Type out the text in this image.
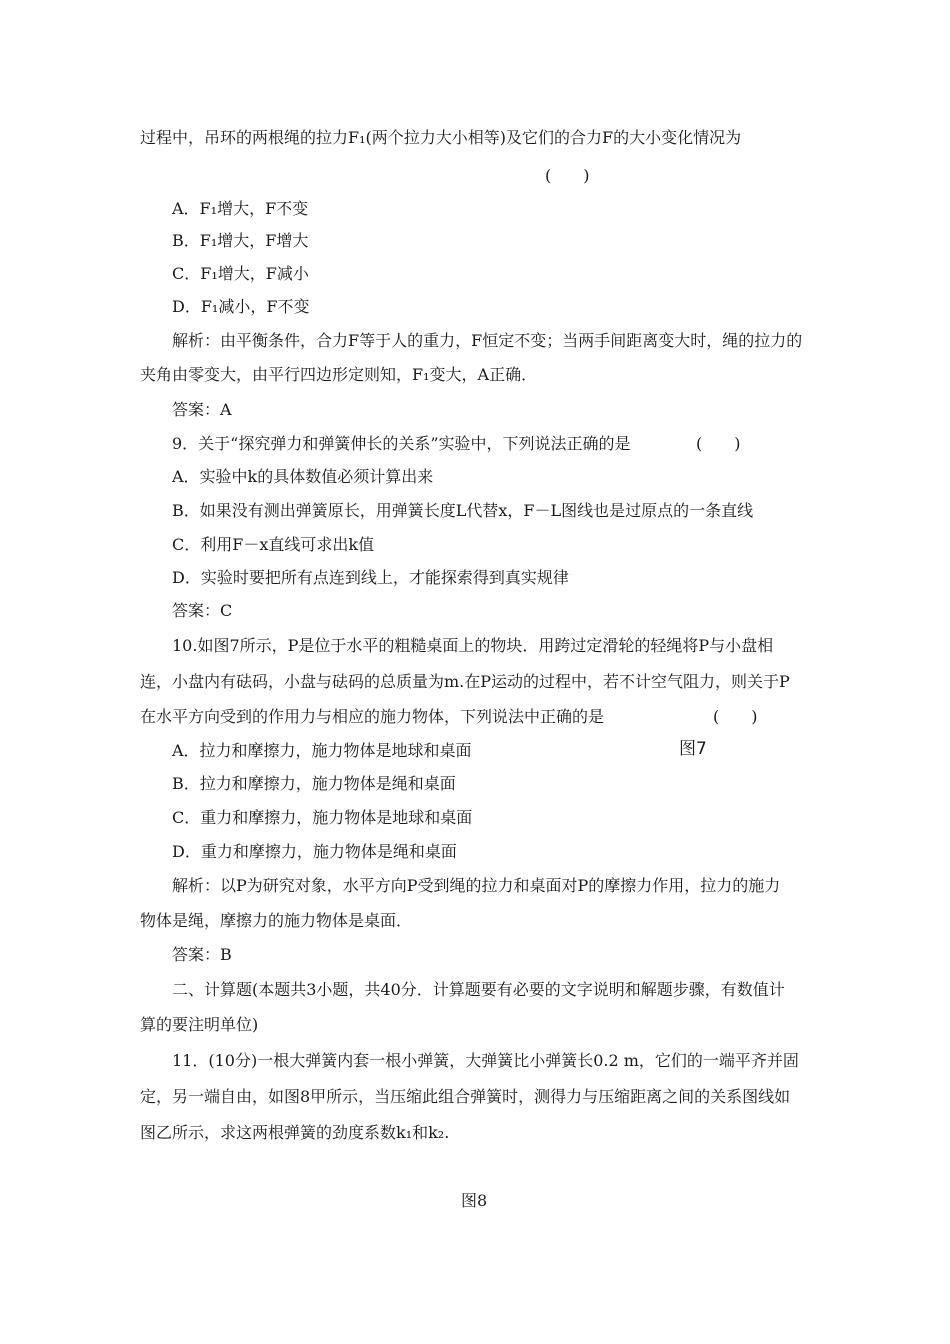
过程中，吊环的两根绳的拉力F₁(两个拉力大小相等)及它们的合力F的大小变化情况为
(　　)
A．F₁增大，F不变
B．F₁增大，F增大
C．F₁增大，F减小
D．F₁减小，F不变
解析：由平衡条件，合力F等于人的重力，F恒定不变；当两手间距离变大时，绳的拉力的
夹角由零变大，由平行四边形定则知，F₁变大，A正确．
答案：A
9．关于“探究弹力和弹簧伸长的关系”实验中，下列说法正确的是	(　　)
A．实验中k的具体数值必须计算出来
B．如果没有测出弹簧原长，用弹簧长度L代替x，F－L图线也是过原点的一条直线
C．利用F－x直线可求出k值
D．实验时要把所有点连到线上，才能探索得到真实规律
答案：C
10.如图7所示，P是位于水平的粗糙桌面上的物块．用跨过定滑轮的轻绳将P与小盘相
连，小盘内有砝码，小盘与砝码的总质量为m.在P运动的过程中，若不计空气阻力，则关于P
在水平方向受到的作用力与相应的施力物体，下列说法中正确的是	(　　)
A．拉力和摩擦力，施力物体是地球和桌面	图7
B．拉力和摩擦力，施力物体是绳和桌面
C．重力和摩擦力，施力物体是地球和桌面
D．重力和摩擦力，施力物体是绳和桌面
解析：以P为研究对象，水平方向P受到绳的拉力和桌面对P的摩擦力作用，拉力的施力
物体是绳，摩擦力的施力物体是桌面．
答案：B
二、计算题(本题共3小题，共40分．计算题要有必要的文字说明和解题步骤，有数值计
算的要注明单位)
11．(10分)一根大弹簧内套一根小弹簧，大弹簧比小弹簧长0.2 m，它们的一端平齐并固
定，另一端自由，如图8甲所示，当压缩此组合弹簧时，测得力与压缩距离之间的关系图线如
图乙所示，求这两根弹簧的劲度系数k₁和k₂.
图8
